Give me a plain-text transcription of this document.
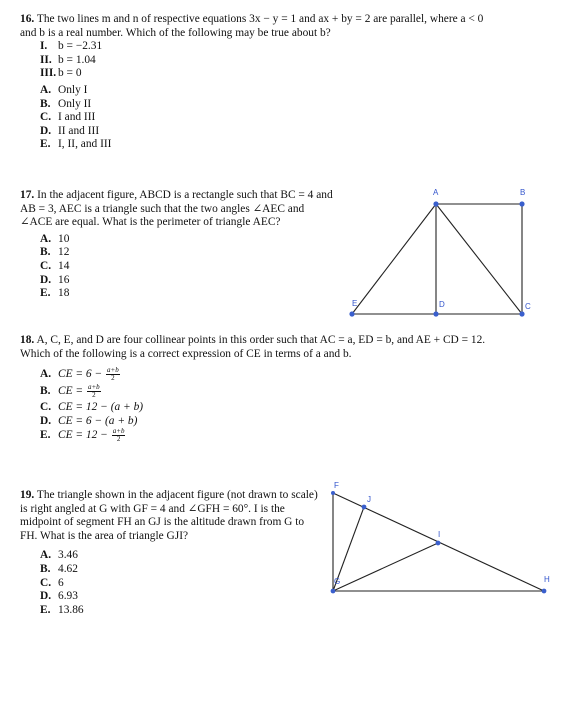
16. The two lines m and n of respective equations 3x − y = 1 and ax + by = 2 are parallel, where a < 0 and b is a real number. Which of the following may be true about b?

I. b = −2.31
II. b = 1.04
III. b = 0
A. Only I
B. Only II
C. I and III
D. II and III
E. I, II, and III

17. In the adjacent figure, ABCD is a rectangle such that BC = 4 and AB = 3, AEC is a triangle such that the two angles ∠AEC and ∠ACE are equal. What is the perimeter of triangle AEC?

A. 10
B. 12
C. 14
D. 16
E. 18
A	B
C
D
E

18. A, C, E, and D are four collinear points in this order such that AC = a, ED = b, and AE + CD = 12. Which of the following is a correct expression of CE in terms of a and b.

A. CE = $6 - \frac{a+b}{2}$
B. CE = $\frac{a+b}{2}$
C. CE = 12 − (a + b)
D. CE = 6 − (a + b)
E. CE = $12 - \frac{a+b}{2}$

19. The triangle shown in the adjacent figure (not drawn to scale) is right angled at G with GF = 4 and ∠GFH = 60°. I is the midpoint of segment FH an GJ is the altitude drawn from G to FH. What is the area of triangle GJI?

A. 3.46
B. 4.62
C. 6
D. 6.93
E. 13.86
F
G	H
I
J
